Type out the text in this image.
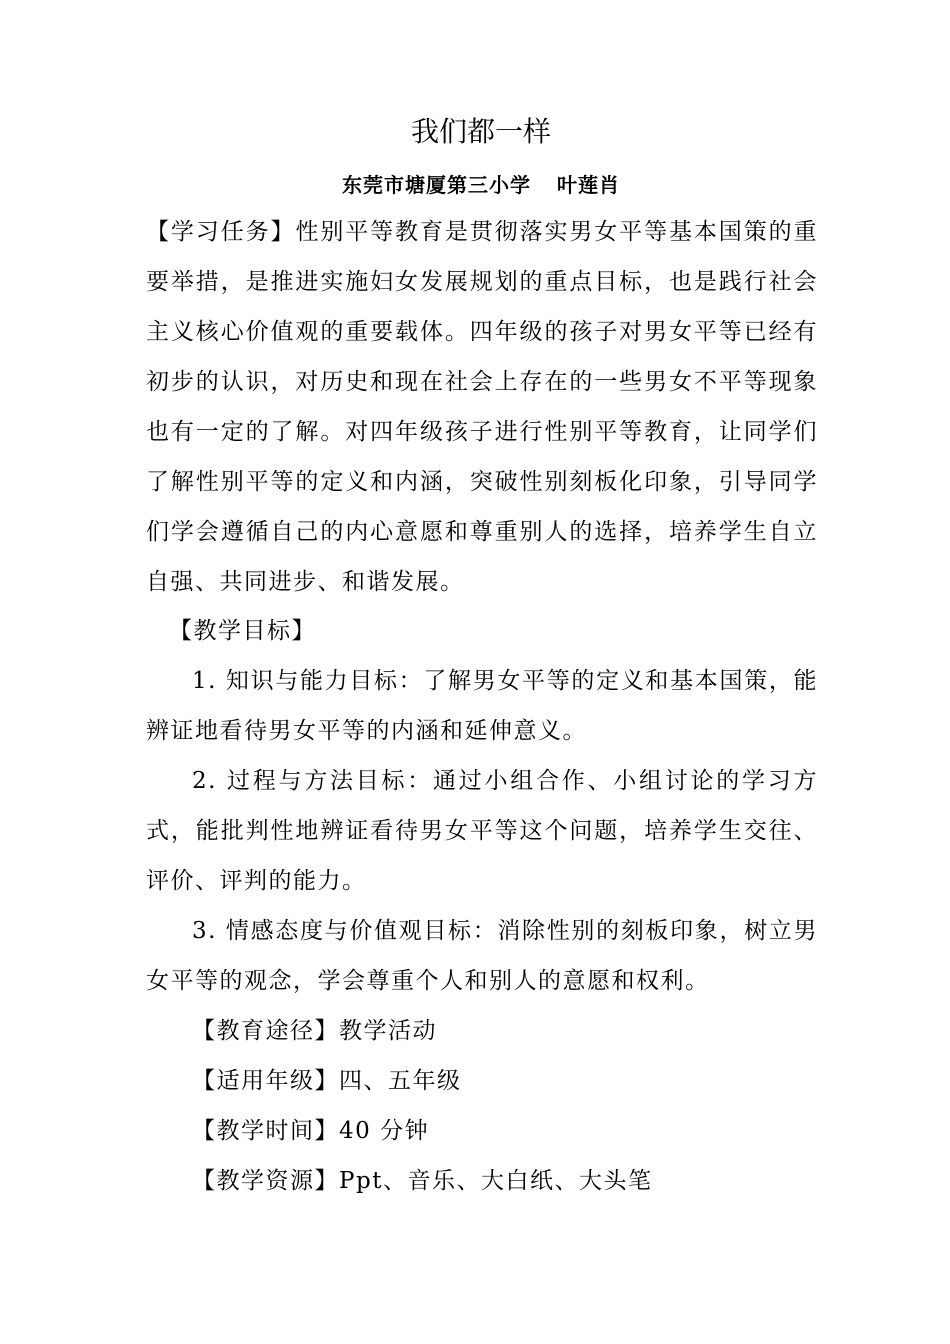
我们都一样
东莞市塘厦第三小学 叶莲肖

【学习任务】性别平等教育是贯彻落实男女平等基本国策的重要举措，是推进实施妇女发展规划的重点目标，也是践行社会主义核心价值观的重要载体。四年级的孩子对男女平等已经有初步的认识，对历史和现在社会上存在的一些男女不平等现象也有一定的了解。对四年级孩子进行性别平等教育，让同学们了解性别平等的定义和内涵，突破性别刻板化印象，引导同学们学会遵循自己的内心意愿和尊重别人的选择，培养学生自立自强、共同进步、和谐发展。

【教学目标】

1. 知识与能力目标：了解男女平等的定义和基本国策，能辨证地看待男女平等的内涵和延伸意义。

2. 过程与方法目标：通过小组合作、小组讨论的学习方式，能批判性地辨证看待男女平等这个问题，培养学生交往、评价、评判的能力。

3. 情感态度与价值观目标：消除性别的刻板印象，树立男女平等的观念，学会尊重个人和别人的意愿和权利。

【教育途径】教学活动

【适用年级】四、五年级

【教学时间】40 分钟

【教学资源】Ppt、音乐、大白纸、大头笔
